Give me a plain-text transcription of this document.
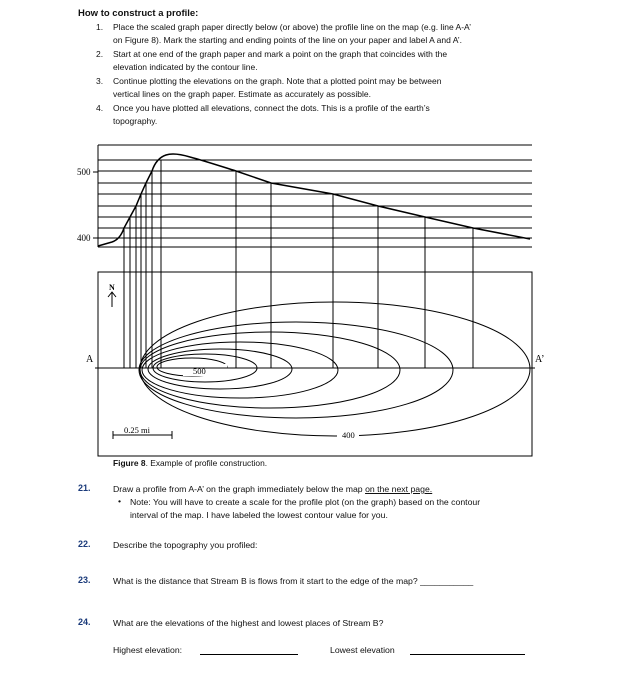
How to construct a profile:
1. Place the scaled graph paper directly below (or above) the profile line on the map (e.g. line A-A’
on Figure 8). Mark the starting and ending points of the line on your paper and label A and A’.
2. Start at one end of the graph paper and mark a point on the graph that coincides with the
elevation indicated by the contour line.
3. Continue plotting the elevations on the graph. Note that a plotted point may be between
vertical lines on the graph paper. Estimate as accurately as possible.
4. Once you have plotted all elevations, connect the dots. This is a profile of the earth’s
topography.
500
400
500
400
A	A’
N
0.25 mi
Figure 8. Example of profile construction.
21.	Draw a profile from A-A’ on the graph immediately below the map on the next page.
• Note: You will have to create a scale for the profile plot (on the graph) based on the contour
interval of the map. I have labeled the lowest contour value for you.
22.	Describe the topography you profiled:
23.	What is the distance that Stream B is flows from it start to the edge of the map? ___________
24.	What are the elevations of the highest and lowest places of Stream B?
Highest elevation:	Lowest elevation
